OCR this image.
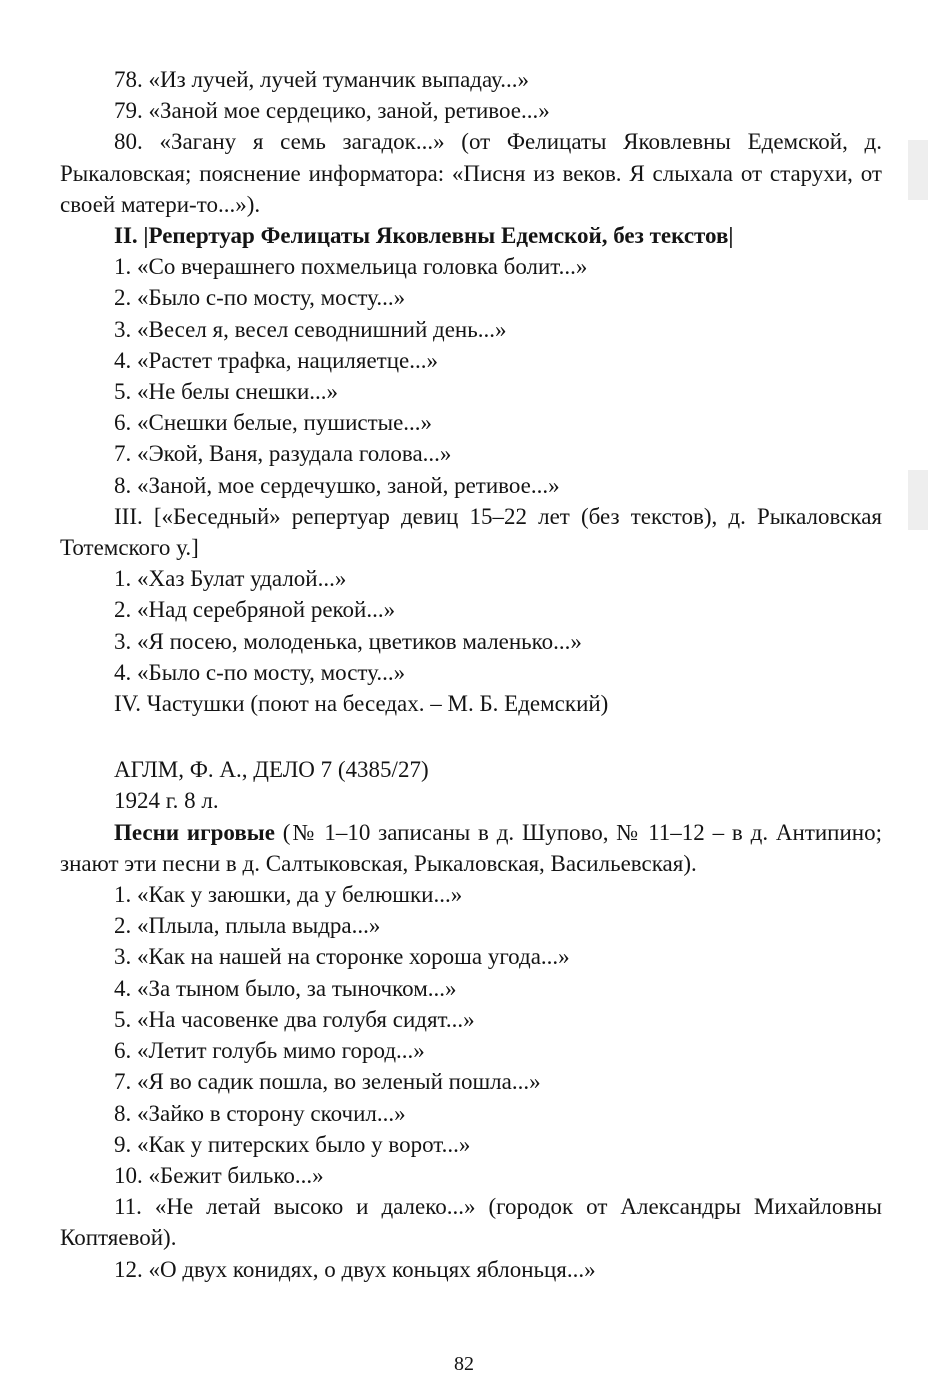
78. «Из лучей, лучей туманчик выпадау...»
79. «Заной мое сердецико, заной, ретивое...»
80. «Загану я семь загадок...» (от Фелицаты Яковлевны Едемской, д. Рыкаловская; пояснение информатора: «Писня из веков. Я слыхала от старухи, от своей матери-то...»).
II. |Репертуар Фелицаты Яковлевны Едемской, без текстов|
1. «Со вчерашнего похмельица головка болит...»
2. «Было с-по мосту, мосту...»
3. «Весел я, весел севоднишний день...»
4. «Растет трафка, нациляетце...»
5. «Не белы снешки...»
6. «Снешки белые, пушистые...»
7. «Экой, Ваня, разудала голова...»
8. «Заной, мое сердечушко, заной, ретивое...»
III. [«Беседный» репертуар девиц 15–22 лет (без текстов), д. Рыкаловская Тотемского у.]
1. «Хаз Булат удалой...»
2. «Над серебряной рекой...»
3. «Я посею, молоденька, цветиков маленько...»
4. «Было с-по мосту, мосту...»
IV. Частушки (поют на беседах. – М. Б. Едемский)
АГЛМ, Ф. А., ДЕЛО 7 (4385/27)
1924 г. 8 л.
Песни игровые (№ 1–10 записаны в д. Шупово, № 11–12 – в д. Антипино; знают эти песни в д. Салтыковская, Рыкаловская, Васильевская).
1. «Как у заюшки, да у белюшки...»
2. «Плыла, плыла выдра...»
3. «Как на нашей на сторонке хороша угода...»
4. «За тыном было, за тыночком...»
5. «На часовенке два голубя сидят...»
6. «Летит голубь мимо город...»
7. «Я во садик пошла, во зеленый пошла...»
8. «Зайко в сторону скочил...»
9. «Как у питерских было у ворот...»
10. «Бежит билько...»
11. «Не летай высоко и далеко...» (городок от Александры Михайловны Коптяевой).
12. «О двух конидях, о двух коньцях яблоньця...»
82
